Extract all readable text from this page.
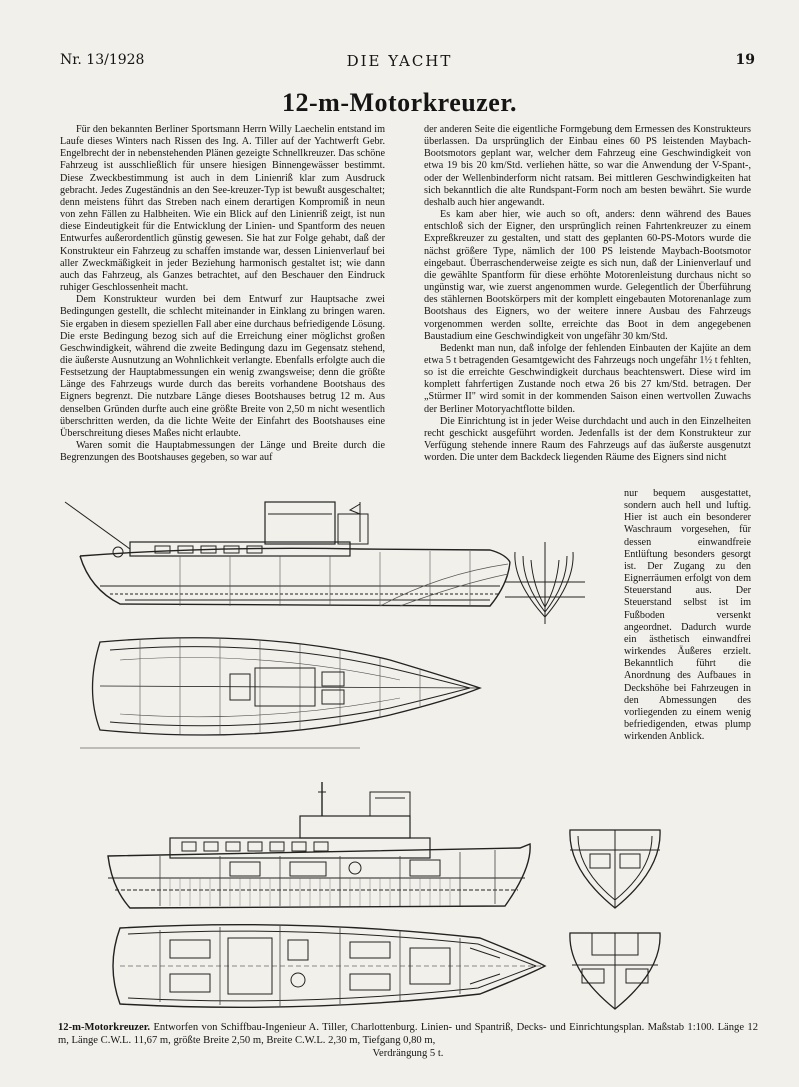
Nr. 13/1928	DIE YACHT	19
12-m-Motorkreuzer.

Für den bekannten Berliner Sportsmann Herrn Willy Laechelin entstand im Laufe dieses Winters nach Rissen des Ing. A. Tiller auf der Yachtwerft Gebr. Engelbrecht der in nebenstehenden Plänen gezeigte Schnellkreuzer. Das schöne Fahrzeug ist ausschließlich für unsere hiesigen Binnengewässer bestimmt. Diese Zweckbestimmung ist auch in dem Linienriß klar zum Ausdruck gebracht. Jedes Zugeständnis an den See-kreuzer-Typ ist bewußt ausgeschaltet; denn meistens führt das Streben nach einem derartigen Kompromiß in neun von zehn Fällen zu Halbheiten. Wie ein Blick auf den Linienriß zeigt, ist nun diese Eindeutigkeit für die Entwicklung der Linien- und Spantform des neuen Entwurfes außerordentlich günstig gewesen. Sie hat zur Folge gehabt, daß der Konstrukteur ein Fahrzeug zu schaffen imstande war, dessen Linienverlauf bei aller Zweckmäßigkeit in jeder Beziehung harmonisch gestaltet ist; wie dann auch das Fahrzeug, als Ganzes betrachtet, auf den Beschauer den Eindruck ruhiger Geschlossenheit macht.

Dem Konstrukteur wurden bei dem Entwurf zur Hauptsache zwei Bedingungen gestellt, die schlecht miteinander in Einklang zu bringen waren. Sie ergaben in diesem speziellen Fall aber eine durchaus befriedigende Lösung. Die erste Bedingung bezog sich auf die Erreichung einer möglichst großen Geschwindigkeit, während die zweite Bedingung dazu im Gegensatz stehend, die äußerste Ausnutzung an Wohnlichkeit verlangte. Ebenfalls erfolgte auch die Festsetzung der Hauptabmessungen ein wenig zwangsweise; denn die größte Länge des Fahrzeugs wurde durch das bereits vorhandene Bootshaus des Eigners begrenzt. Die nutzbare Länge dieses Bootshauses betrug 12 m. Aus denselben Gründen durfte auch eine größte Breite von 2,50 m nicht wesentlich überschritten werden, da die lichte Weite der Einfahrt des Bootshauses eine Überschreitung dieses Maßes nicht erlaubte.

Waren somit die Hauptabmessungen der Länge und Breite durch die Begrenzungen des Bootshauses gegeben, so war auf

der anderen Seite die eigentliche Formgebung dem Ermessen des Konstrukteurs überlassen. Da ursprünglich der Einbau eines 60 PS leistenden Maybach-Bootsmotors geplant war, welcher dem Fahrzeug eine Geschwindigkeit von etwa 19 bis 20 km/Std. verliehen hätte, so war die Anwendung der V-Spant-, oder der Wellenbinderform nicht ratsam. Bei mittleren Geschwindigkeiten hat sich bekanntlich die alte Rundspant-Form noch am besten bewährt. Sie wurde deshalb auch hier angewandt.

Es kam aber hier, wie auch so oft, anders: denn während des Baues entschloß sich der Eigner, den ursprünglich reinen Fahrtenkreuzer zu einem Expreßkreuzer zu gestalten, und statt des geplanten 60-PS-Motors wurde die nächst größere Type, nämlich der 100 PS leistende Maybach-Bootsmotor eingebaut. Überraschenderweise zeigte es sich nun, daß der Linienverlauf und die gewählte Spantform für diese erhöhte Motorenleistung durchaus nicht so ungünstig war, wie zuerst angenommen wurde. Gelegentlich der Überführung des stählernen Bootskörpers mit der komplett eingebauten Motorenanlage zum Bootshaus des Eigners, wo der weitere innere Ausbau des Fahrzeugs vorgenommen werden sollte, erreichte das Boot in dem angegebenen Baustadium eine Geschwindigkeit von ungefähr 30 km/Std.

Bedenkt man nun, daß infolge der fehlenden Einbauten der Kajüte an dem etwa 5 t betragenden Gesamtgewicht des Fahrzeugs noch ungefähr 1½ t fehlten, so ist die erreichte Geschwindigkeit durchaus beachtenswert. Diese wird im komplett fahrfertigen Zustande noch etwa 26 bis 27 km/Std. betragen. Der „Stürmer II" wird somit in der kommenden Saison einen wertvollen Zuwachs der Berliner Motoryachtflotte bilden.

Die Einrichtung ist in jeder Weise durchdacht und auch in den Einzelheiten recht geschickt ausgeführt worden. Jedenfalls ist der dem Konstrukteur zur Verfügung stehende innere Raum des Fahrzeugs auf das äußerste ausgenutzt worden. Die unter dem Backdeck liegenden Räume des Eigners sind nicht

nur bequem ausgestattet, sondern auch hell und luftig. Hier ist auch ein besonderer Waschraum vorgesehen, für dessen einwandfreie Entlüftung besonders gesorgt ist. Der Zugang zu den Eignerräumen erfolgt von dem Steuerstand aus. Der Steuerstand selbst ist im Fußboden versenkt angeordnet. Dadurch wurde ein ästhetisch einwandfrei wirkendes Äußeres erzielt. Bekanntlich führt die Anordnung des Aufbaues in Deckshöhe bei Fahrzeugen in den Abmessungen des vorliegenden zu einem wenig befriedigenden, etwas plump wirkenden Anblick.

12-m-Motorkreuzer. Entworfen von Schiffbau-Ingenieur A. Tiller, Charlottenburg. Linien- und Spantriß, Decks- und Einrichtungsplan. Maßstab 1:100. Länge 12 m, Länge C.W.L. 11,67 m, größte Breite 2,50 m, Breite C.W.L. 2,30 m, Tiefgang 0,80 m,
Verdrängung 5 t.
